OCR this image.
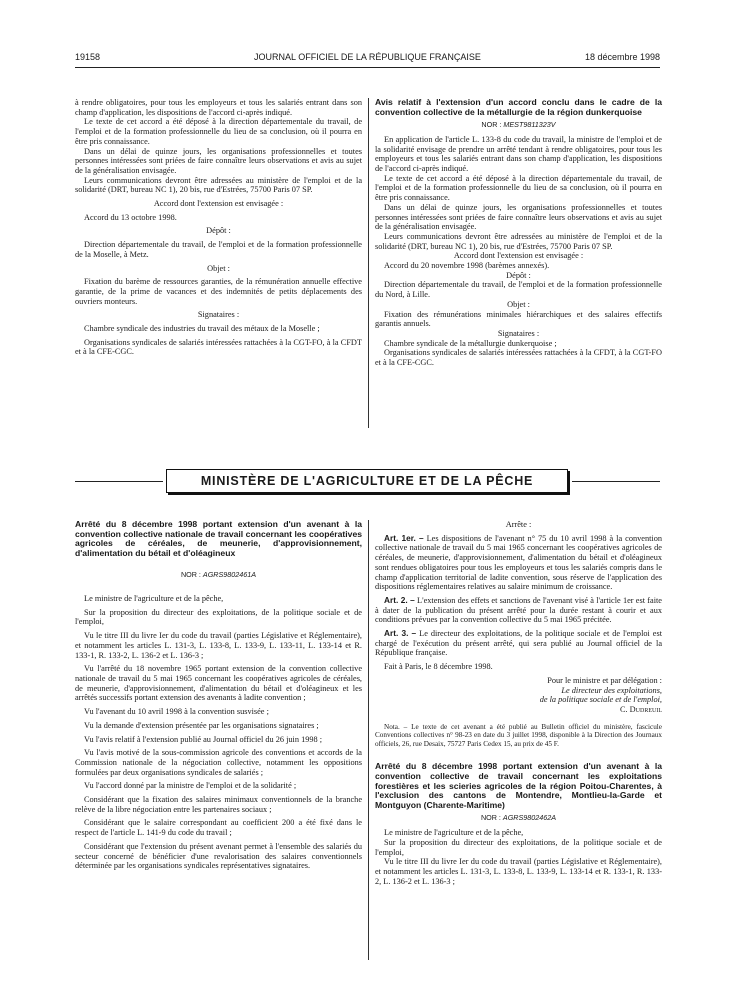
19158	JOURNAL OFFICIEL DE LA RÉPUBLIQUE FRANÇAISE	18 décembre 1998

à rendre obligatoires, pour tous les employeurs et tous les salariés entrant dans son champ d'application, les dispositions de l'accord ci-après indiqué.

Le texte de cet accord a été déposé à la direction départementale du travail, de l'emploi et de la formation professionnelle du lieu de sa conclusion, où il pourra en être pris connaissance.

Dans un délai de quinze jours, les organisations professionnelles et toutes personnes intéressées sont priées de faire connaître leurs observations et avis au sujet de la généralisation envisagée.

Leurs communications devront être adressées au ministère de l'emploi et de la solidarité (DRT, bureau NC 1), 20 bis, rue d'Estrées, 75700 Paris 07 SP.

Accord dont l'extension est envisagée :

Accord du 13 octobre 1998.

Dépôt :

Direction départementale du travail, de l'emploi et de la formation professionnelle de la Moselle, à Metz.

Objet :

Fixation du barème de ressources garanties, de la rémunération annuelle effective garantie, de la prime de vacances et des indemnités de petits déplacements des ouvriers monteurs.

Signataires :

Chambre syndicale des industries du travail des métaux de la Moselle ;

Organisations syndicales de salariés intéressées rattachées à la CGT-FO, à la CFDT et à la CFE-CGC.

Avis relatif à l'extension d'un accord conclu dans le cadre de la convention collective de la métallurgie de la région dunkerquoise
NOR : MEST9811323V

En application de l'article L. 133-8 du code du travail, la ministre de l'emploi et de la solidarité envisage de prendre un arrêté tendant à rendre obligatoires, pour tous les employeurs et tous les salariés entrant dans son champ d'application, les dispositions de l'accord ci-après indiqué.

Le texte de cet accord a été déposé à la direction départementale du travail, de l'emploi et de la formation professionnelle du lieu de sa conclusion, où il pourra en être pris connaissance.

Dans un délai de quinze jours, les organisations professionnelles et toutes personnes intéressées sont priées de faire connaître leurs observations et avis au sujet de la généralisation envisagée.

Leurs communications devront être adressées au ministère de l'emploi et de la solidarité (DRT, bureau NC 1), 20 bis, rue d'Estrées, 75700 Paris 07 SP.

Accord dont l'extension est envisagée :

Accord du 20 novembre 1998 (barèmes annexés).

Dépôt :

Direction départementale du travail, de l'emploi et de la formation professionnelle du Nord, à Lille.

Objet :

Fixation des rémunérations minimales hiérarchiques et des salaires effectifs garantis annuels.

Signataires :

Chambre syndicale de la métallurgie dunkerquoise ;

Organisations syndicales de salariés intéressées rattachées à la CFDT, à la CGT-FO et à la CFE-CGC.

MINISTÈRE DE L'AGRICULTURE ET DE LA PÊCHE
Arrêté du 8 décembre 1998 portant extension d'un avenant à la convention collective nationale de travail concernant les coopératives agricoles de céréales, de meunerie, d'approvisionnement, d'alimentation du bétail et d'oléagineux
NOR : AGRS9802461A

Le ministre de l'agriculture et de la pêche,

Sur la proposition du directeur des exploitations, de la politique sociale et de l'emploi,

Vu le titre III du livre Ier du code du travail (parties Législative et Réglementaire), et notamment les articles L. 131-3, L. 133-8, L. 133-9, L. 133-11, L. 133-14 et R. 133-1, R. 133-2, L. 136-2 et L. 136-3 ;

Vu l'arrêté du 18 novembre 1965 portant extension de la convention collective nationale de travail du 5 mai 1965 concernant les coopératives agricoles de céréales, de meunerie, d'approvisionnement, d'alimentation du bétail et d'oléagineux et les arrêtés successifs portant extension des avenants à ladite convention ;

Vu l'avenant du 10 avril 1998 à la convention susvisée ;

Vu la demande d'extension présentée par les organisations signataires ;

Vu l'avis relatif à l'extension publié au Journal officiel du 26 juin 1998 ;

Vu l'avis motivé de la sous-commission agricole des conventions et accords de la Commission nationale de la négociation collective, notamment les oppositions formulées par deux organisations syndicales de salariés ;

Vu l'accord donné par la ministre de l'emploi et de la solidarité ;

Considérant que la fixation des salaires minimaux conventionnels de la branche relève de la libre négociation entre les partenaires sociaux ;

Considérant que le salaire correspondant au coefficient 200 a été fixé dans le respect de l'article L. 141-9 du code du travail ;

Considérant que l'extension du présent avenant permet à l'ensemble des salariés du secteur concerné de bénéficier d'une revalorisation des salaires conventionnels déterminée par les organisations syndicales représentatives signataires.

Arrête :

Art. 1er. – Les dispositions de l'avenant n° 75 du 10 avril 1998 à la convention collective nationale de travail du 5 mai 1965 concernant les coopératives agricoles de céréales, de meunerie, d'approvisionnement, d'alimentation du bétail et d'oléagineux sont rendues obligatoires pour tous les employeurs et tous les salariés compris dans le champ d'application territorial de ladite convention, sous réserve de l'application des dispositions réglementaires relatives au salaire minimum de croissance.

Art. 2. – L'extension des effets et sanctions de l'avenant visé à l'article 1er est faite à dater de la publication du présent arrêté pour la durée restant à courir et aux conditions prévues par la convention collective du 5 mai 1965 précitée.

Art. 3. – Le directeur des exploitations, de la politique sociale et de l'emploi est chargé de l'exécution du présent arrêté, qui sera publié au Journal officiel de la République française.

Fait à Paris, le 8 décembre 1998.

Pour le ministre et par délégation :

Le directeur des exploitations,

de la politique sociale et de l'emploi,

C. Dudreuil

Nota. – Le texte de cet avenant a été publié au Bulletin officiel du ministère, fascicule Conventions collectives n° 98-23 en date du 3 juillet 1998, disponible à la Direction des Journaux officiels, 26, rue Desaix, 75727 Paris Cedex 15, au prix de 45 F.

Arrêté du 8 décembre 1998 portant extension d'un avenant à la convention collective de travail concernant les exploitations forestières et les scieries agricoles de la région Poitou-Charentes, à l'exclusion des cantons de Montendre, Montlieu-la-Garde et Montguyon (Charente-Maritime)
NOR : AGRS9802462A

Le ministre de l'agriculture et de la pêche,

Sur la proposition du directeur des exploitations, de la politique sociale et de l'emploi,

Vu le titre III du livre Ier du code du travail (parties Législative et Réglementaire), et notamment les articles L. 131-3, L. 133-8, L. 133-9, L. 133-14 et R. 133-1, R. 133-2, L. 136-2 et L. 136-3 ;
